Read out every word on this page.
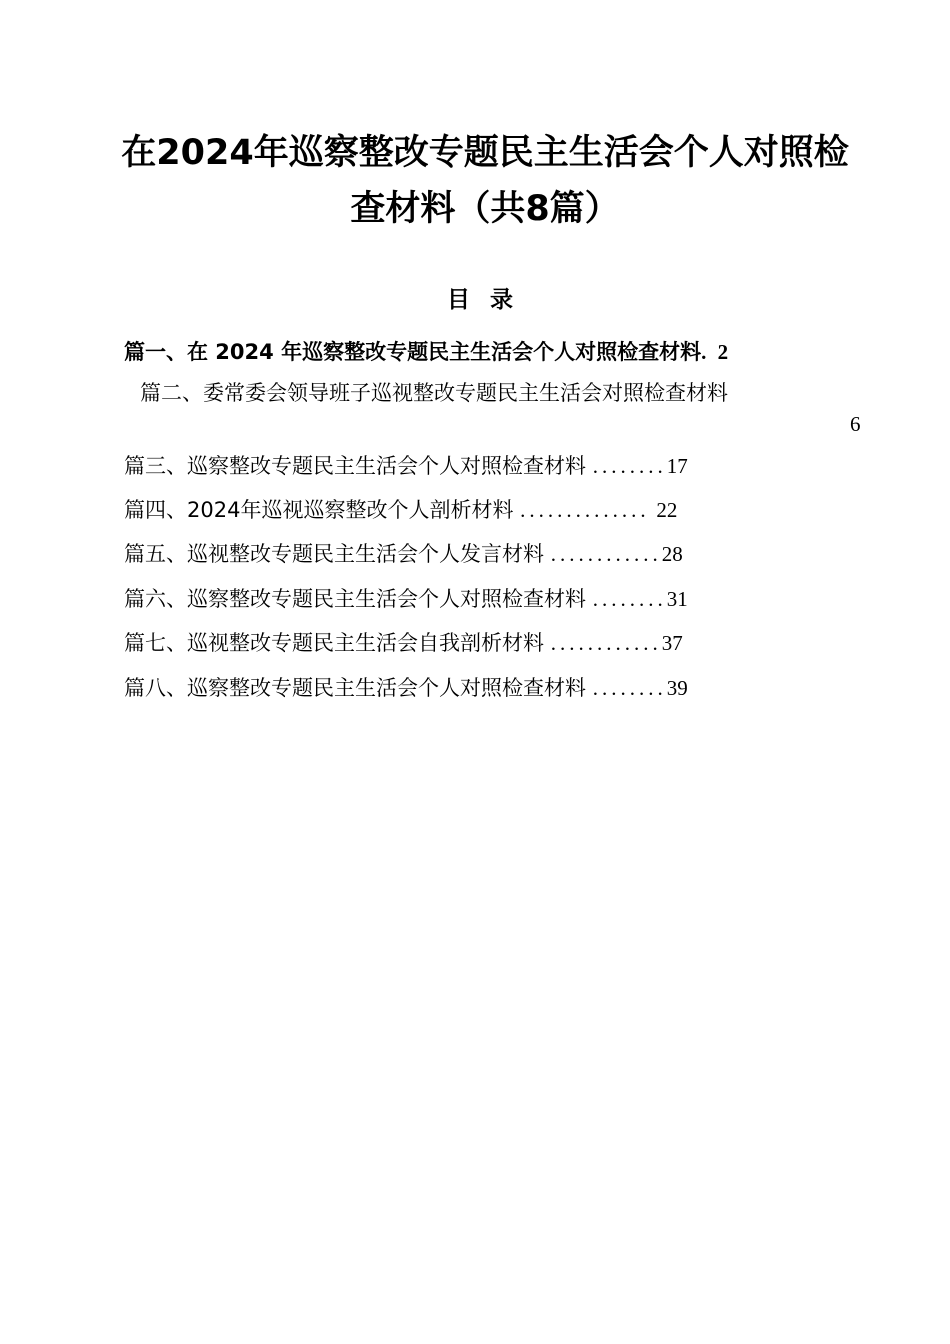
在2024年巡察整改专题民主生活会个人对照检
查材料（共8篇）
目录
篇一、在 2024 年巡察整改专题民主生活会个人对照检查材料. 2
篇二、委常委会领导班子巡视整改专题民主生活会对照检查材料
6
篇三、巡察整改专题民主生活会个人对照检查材料 ........17
篇四、2024年巡视巡察整改个人剖析材料 .............. 22
篇五、巡视整改专题民主生活会个人发言材料 ............28
篇六、巡察整改专题民主生活会个人对照检查材料 ........31
篇七、巡视整改专题民主生活会自我剖析材料 ............37
篇八、巡察整改专题民主生活会个人对照检查材料 ........39
